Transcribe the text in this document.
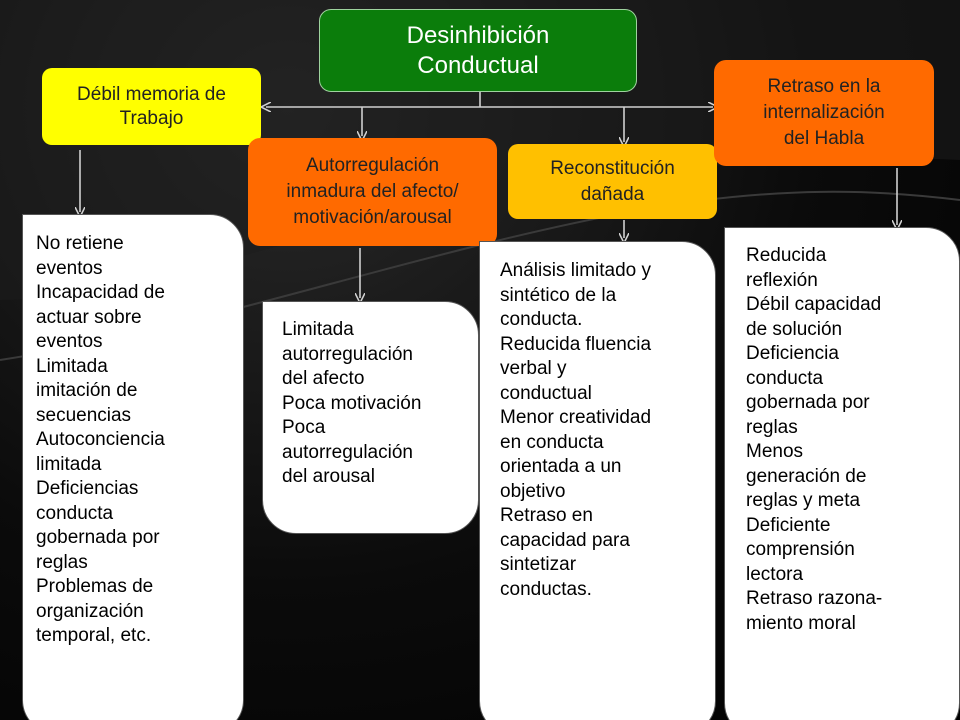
Desinhibición
Conductual
Débil memoria de
Trabajo
Autorregulación
inmadura del afecto/
motivación/arousal
Reconstitución
dañada
Retraso en la
internalización
del Habla
No retiene
eventos
Incapacidad de
actuar sobre
eventos
Limitada
imitación de
secuencias
Autoconciencia
limitada
Deficiencias
conducta
gobernada por
reglas
Problemas de
organización
temporal, etc.
Limitada
autorregulación
del afecto
Poca motivación
Poca
autorregulación
del arousal
Análisis limitado y
sintético de la
conducta.
Reducida fluencia
verbal y
conductual
Menor creatividad
en conducta
orientada a un
objetivo
Retraso en
capacidad para
sintetizar
conductas.
Reducida
reflexión
Débil capacidad
de solución
Deficiencia
conducta
gobernada por
reglas
Menos
generación de
reglas y meta
Deficiente
comprensión
lectora
Retraso razona-
miento moral
